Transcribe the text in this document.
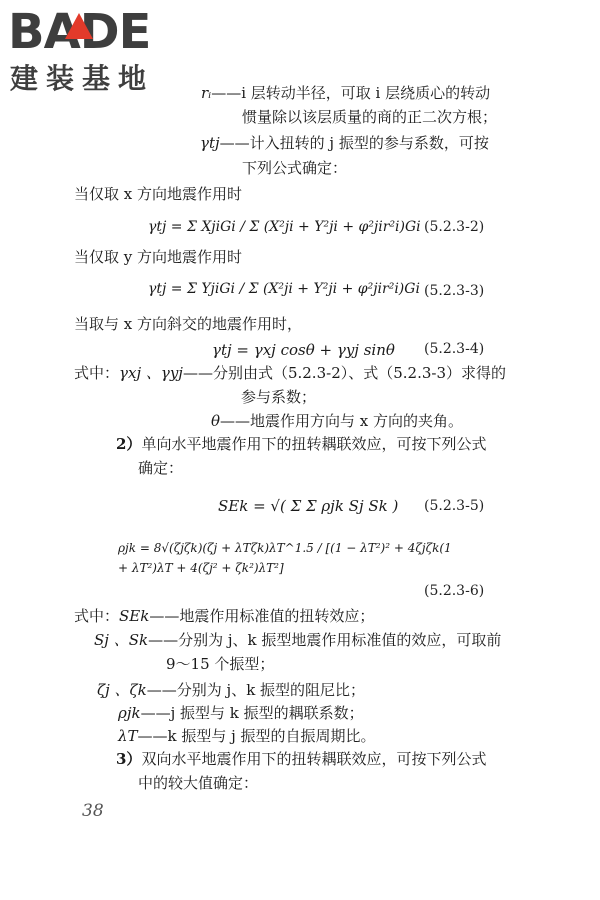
BADE
建装基地	rᵢ——i 层转动半径，可取 i 层绕质心的转动
惯量除以该层质量的商的正二次方根；
γtj——计入扭转的 j 振型的参与系数，可按
下列公式确定：
当仅取 x 方向地震作用时
γtj = Σ XjiGi / Σ (X²ji + Y²ji + φ²jir²i)Gi (5.2.3-2)
当仅取 y 方向地震作用时
γtj = Σ YjiGi / Σ (X²ji + Y²ji + φ²jir²i)Gi (5.2.3-3)
当取与 x 方向斜交的地震作用时，
γtj = γxj cosθ + γyj sinθ (5.2.3-4)
式中：γxj 、γyj——分别由式（5.2.3-2）、式（5.2.3-3）求得的
参与系数；
θ——地震作用方向与 x 方向的夹角。
2）单向水平地震作用下的扭转耦联效应，可按下列公式
确定：
SEk = √( Σ Σ ρjk Sj Sk ) (5.2.3-5)
ρjk = 8√(ζjζk)(ζj + λTζk)λT^1.5 / [(1 − λT²)² + 4ζjζk(1 + λT²)λT + 4(ζj² + ζk²)λT²]
(5.2.3-6)
式中：SEk——地震作用标准值的扭转效应；
Sj 、Sk——分别为 j、k 振型地震作用标准值的效应，可取前
9～15 个振型；
ζj 、ζk——分别为 j、k 振型的阻尼比；
ρjk——j 振型与 k 振型的耦联系数；
λT——k 振型与 j 振型的自振周期比。
3）双向水平地震作用下的扭转耦联效应，可按下列公式
中的较大值确定：
38
